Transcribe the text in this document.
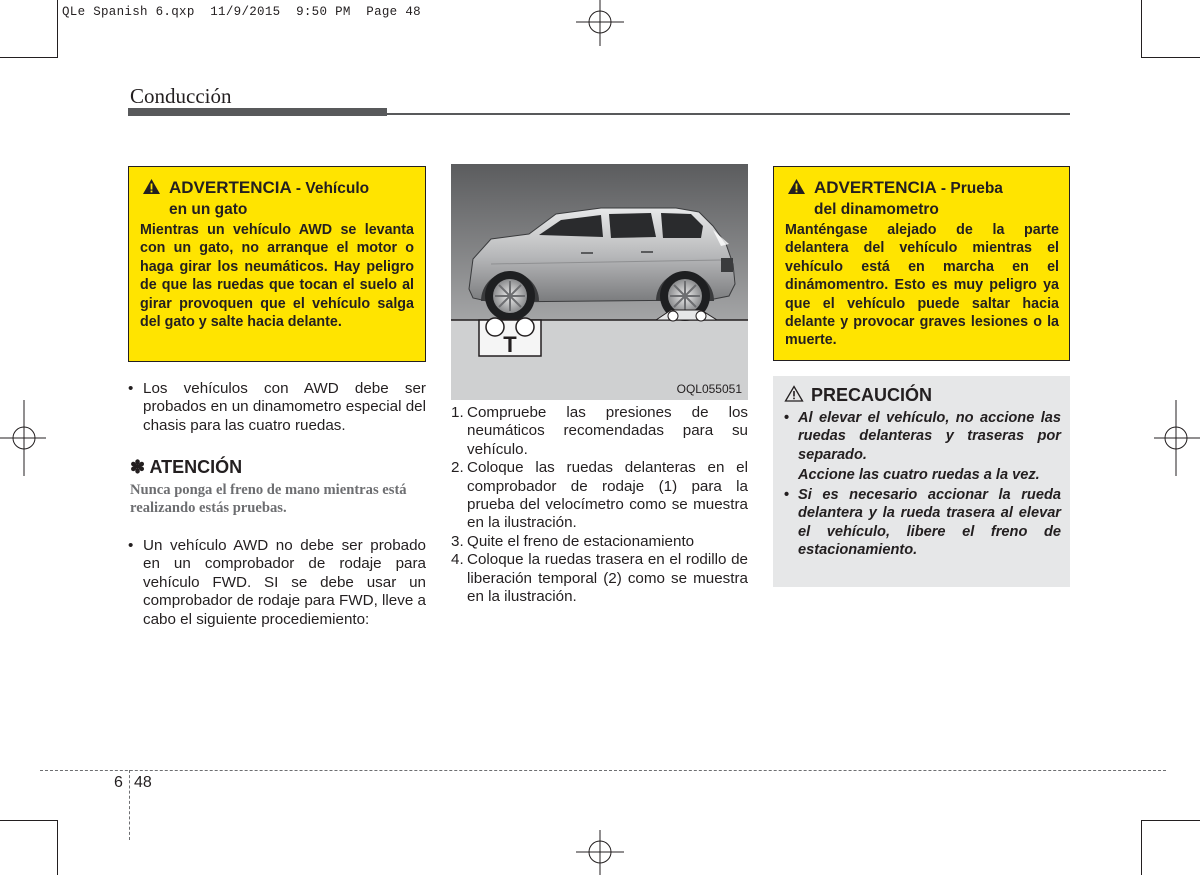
QLe Spanish 6.qxp 11/9/2015 9:50 PM Page 48
Conducción
ADVERTENCIA - Vehículo
en un gato
Mientras un vehículo AWD se levanta con un gato, no arranque el motor o haga girar los neumáticos. Hay peligro de que las ruedas que tocan el suelo al girar provoquen que el vehículo salga del gato y salte hacia delante.
• Los vehículos con AWD debe ser probados en un dinamometro especial del chasis para las cuatro ruedas.
✽ ATENCIÓN
Nunca ponga el freno de mano mientras está realizando estás pruebas.
• Un vehículo AWD no debe ser probado en un comprobador de rodaje para vehículo FWD. SI se debe usar un comprobador de rodaje para FWD, lleve a cabo el siguiente procediemiento:
T
OQL055051
1. Compruebe las presiones de los neumáticos recomendadas para su vehículo.
2. Coloque las ruedas delanteras en el comprobador de rodaje (1) para la prueba del velocímetro como se muestra en la ilustración.
3. Quite el freno de estacionamiento
4. Coloque la ruedas trasera en el rodillo de liberación temporal (2) como se muestra en la ilustración.
ADVERTENCIA - Prueba
del dinamometro
Manténgase alejado de la parte delantera del vehículo mientras el vehículo está en marcha en el dinámomentro. Esto es muy peligro ya que el vehículo puede saltar hacia delante y provocar graves lesiones o la muerte.
PRECAUCIÓN
• Al elevar el vehículo, no accione las ruedas delanteras y traseras por separado.
Accione las cuatro ruedas a la vez.
• Si es necesario accionar la rueda delantera y la rueda trasera al elevar el vehículo, libere el freno de estacionamiento.
6 48
